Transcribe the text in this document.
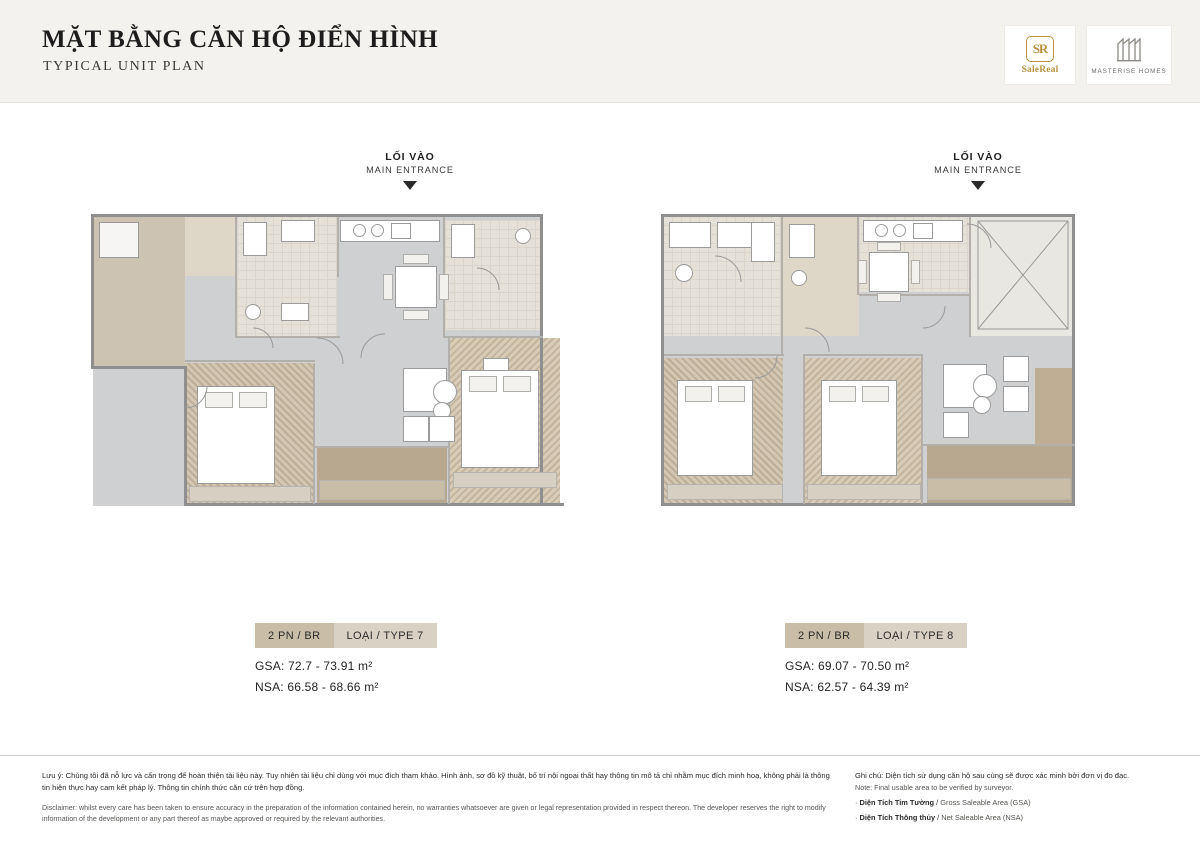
MẶT BẰNG CĂN HỘ ĐIỂN HÌNH
TYPICAL UNIT PLAN
SR
SaleReal	MASTERISE HOMES
LỐI VÀO
MAIN ENTRANCE
LỐI VÀO
MAIN ENTRANCE
2 PN / BR	LOẠI / TYPE 7
GSA: 72.7 - 73.91 m²
NSA: 66.58 - 68.66 m²
2 PN / BR	LOẠI / TYPE 8
GSA: 69.07 - 70.50 m²
NSA: 62.57 - 64.39 m²
Lưu ý: Chúng tôi đã nỗ lực và cẩn trọng để hoàn thiện tài liệu này. Tuy nhiên tài liệu chỉ dùng với mục đích tham khảo. Hình ảnh, sơ đồ kỹ thuật, bố trí nội ngoại thất hay thông tin mô tả chỉ nhằm mục đích minh hoạ, không phải là thông tin hiện thực hay cam kết pháp lý. Thông tin chính thức căn cứ trên hợp đồng.
Disclaimer: whilst every care has been taken to ensure accuracy in the preparation of the information contained herein, no warranties whatsoever are given or legal representation provided in respect thereon. The developer reserves the right to modify information of the development or any part thereof as maybe approved or required by the relevant authorities.
Ghi chú: Diện tích sử dụng căn hộ sau cùng sẽ được xác minh bởi đơn vị đo đạc.
Note: Final usable area to be verified by surveyor.
· Diện Tích Tim Tường / Gross Saleable Area (GSA)
· Diện Tích Thông thủy / Net Saleable Area (NSA)
